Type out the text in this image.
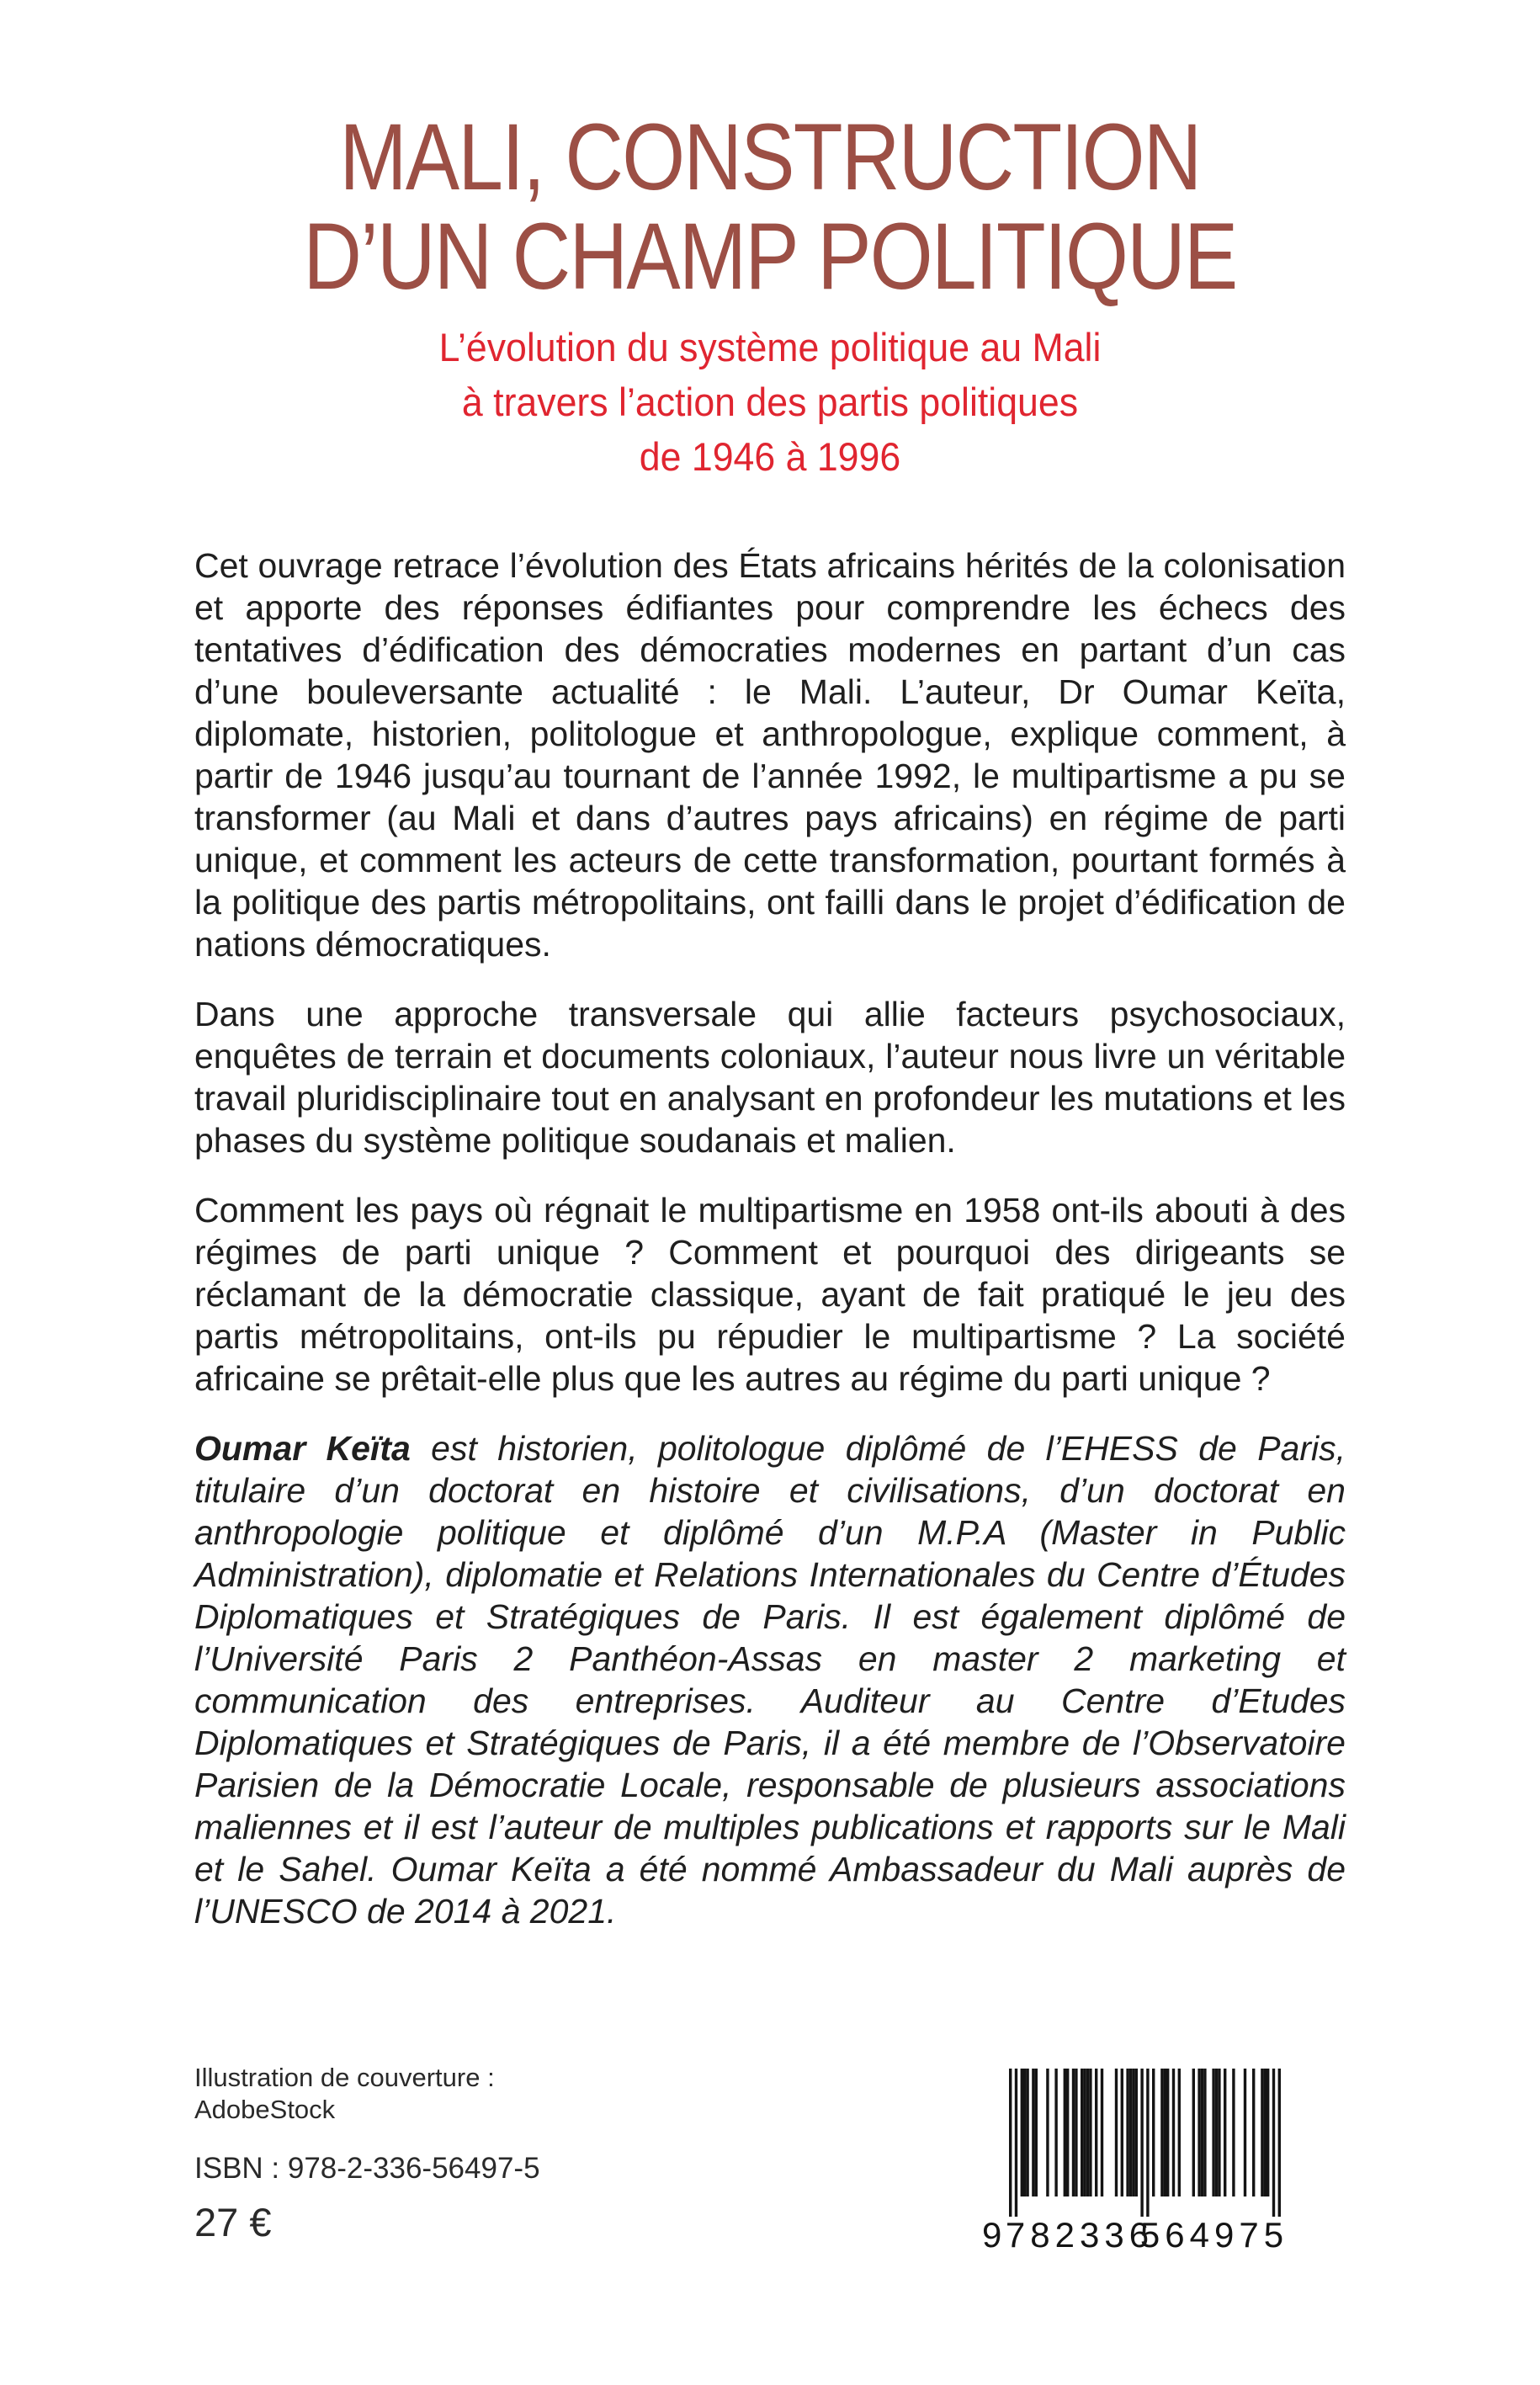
MALI, CONSTRUCTION
D’UN CHAMP POLITIQUE
L’évolution du système politique au Mali
à travers l’action des partis politiques
de 1946 à 1996

Cet ouvrage retrace l’évolution des États africains hérités de la colonisation et apporte des réponses édifiantes pour comprendre les échecs des tentatives d’édification des démocraties modernes en partant d’un cas d’une bouleversante actualité : le Mali. L’auteur, Dr Oumar Keïta, diplomate, historien, politologue et anthropologue, explique comment, à partir de 1946 jusqu’au tournant de l’année 1992, le multipartisme a pu se transformer (au Mali et dans d’autres pays africains) en régime de parti unique, et comment les acteurs de cette transformation, pourtant formés à la politique des partis métropolitains, ont failli dans le projet d’édification de nations démocratiques.

Dans une approche transversale qui allie facteurs psychosociaux, enquêtes de terrain et documents coloniaux, l’auteur nous livre un véritable travail pluridisciplinaire tout en analysant en profondeur les mutations et les phases du système politique soudanais et malien.

Comment les pays où régnait le multipartisme en 1958 ont-ils abouti à des régimes de parti unique ? Comment et pourquoi des dirigeants se réclamant de la démocratie classique, ayant de fait pratiqué le jeu des partis métropolitains, ont-ils pu répudier le multipartisme ? La société africaine se prêtait-elle plus que les autres au régime du parti unique ?

Oumar Keïta est historien, politologue diplômé de l’EHESS de Paris, titulaire d’un doctorat en histoire et civilisations, d’un doctorat en anthropologie politique et diplômé d’un M.P.A (Master in Public Administration), diplomatie et Relations Internationales du Centre d’Études Diplomatiques et Stratégiques de Paris. Il est également diplômé de l’Université Paris 2 Panthéon-Assas en master 2 marketing et communication des entreprises. Auditeur au Centre d’Etudes Diplomatiques et Stratégiques de Paris, il a été membre de l’Observatoire Parisien de la Démocratie Locale, responsable de plusieurs associations maliennes et il est l’auteur de multiples publications et rapports sur le Mali et le Sahel. Oumar Keïta a été nommé Ambassadeur du Mali auprès de l’UNESCO de 2014 à 2021.

Illustration de couverture :
AdobeStock
ISBN : 978-2-336-56497-5
27 €	9 782336
564975
